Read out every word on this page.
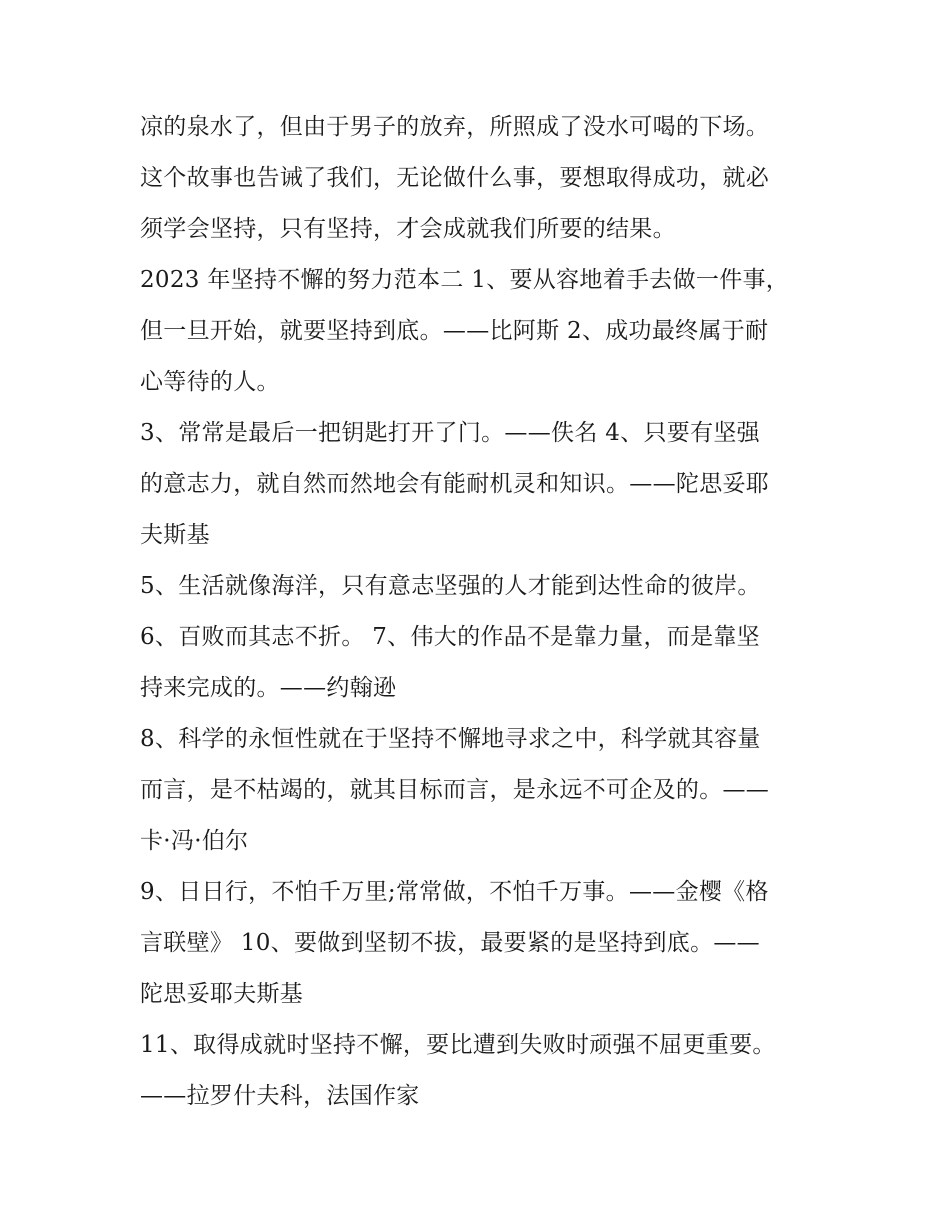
凉的泉水了，但由于男子的放弃，所照成了没水可喝的下场。
这个故事也告诫了我们，无论做什么事，要想取得成功，就必
须学会坚持，只有坚持，才会成就我们所要的结果。
2023 年坚持不懈的努力范本二 1、要从容地着手去做一件事，
但一旦开始，就要坚持到底。——比阿斯 2、成功最终属于耐
心等待的人。
3、常常是最后一把钥匙打开了门。——佚名 4、只要有坚强
的意志力，就自然而然地会有能耐机灵和知识。——陀思妥耶
夫斯基
5、生活就像海洋，只有意志坚强的人才能到达性命的彼岸。
6、百败而其志不折。 7、伟大的作品不是靠力量，而是靠坚
持来完成的。——约翰逊
8、科学的永恒性就在于坚持不懈地寻求之中，科学就其容量
而言，是不枯竭的，就其目标而言，是永远不可企及的。——
卡·冯·伯尔
9、日日行，不怕千万里;常常做，不怕千万事。——金樱《格
言联壁》 10、要做到坚韧不拔，最要紧的是坚持到底。——
陀思妥耶夫斯基
11、取得成就时坚持不懈，要比遭到失败时顽强不屈更重要。
——拉罗什夫科，法国作家
